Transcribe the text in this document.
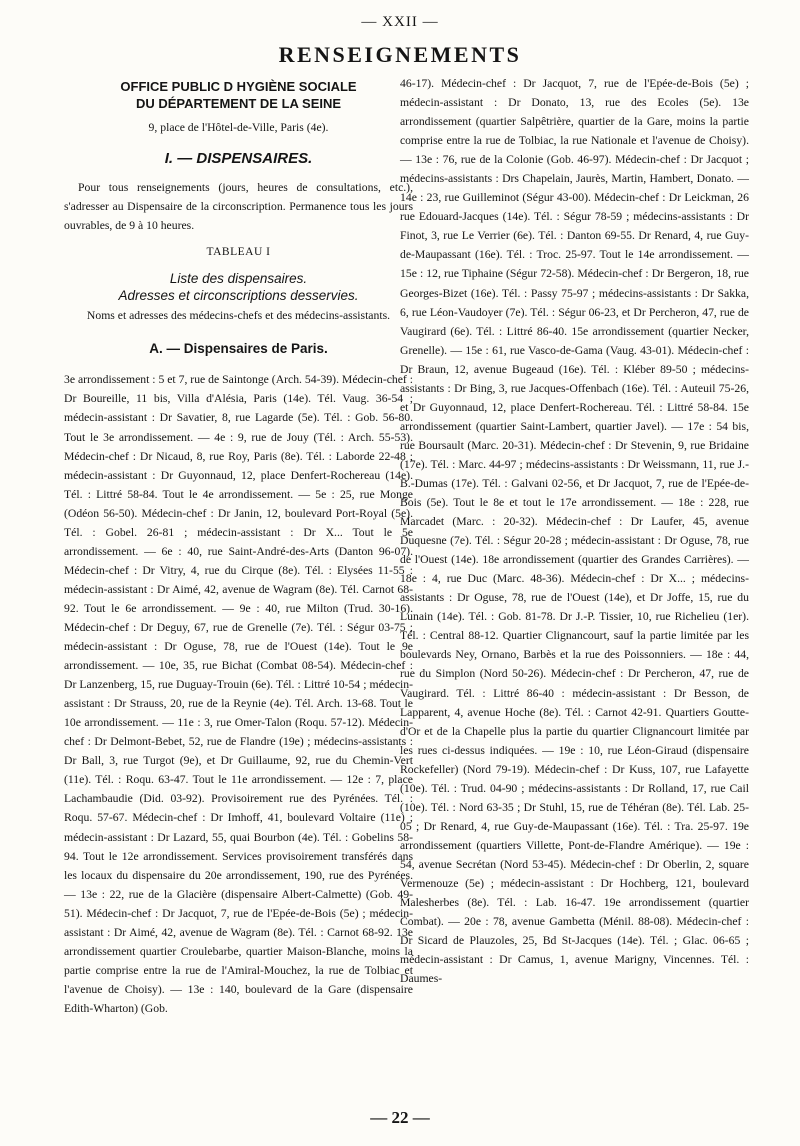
— XXII —
RENSEIGNEMENTS

OFFICE PUBLIC D HYGIÈNE SOCIALE

DU DÉPARTEMENT DE LA SEINE

9, place de l'Hôtel-de-Ville, Paris (4e).

I. — DISPENSAIRES.

Pour tous renseignements (jours, heures de consultations, etc.), s'adresser au Dispensaire de la circonscription. Permanence tous les jours ouvrables, de 9 à 10 heures.

TABLEAU I

Liste des dispensaires.

Adresses et circonscriptions desservies.

Noms et adresses des médecins-chefs et des médecins-assistants.

A. — Dispensaires de Paris.

3e arrondissement : 5 et 7, rue de Saintonge (Arch. 54-39). Médecin-chef : Dr Boureille, 11 bis, Villa d'Alésia, Paris (14e). Tél. Vaug. 36-54 ; médecin-assistant : Dr Savatier, 8, rue Lagarde (5e). Tél. : Gob. 56-80. Tout le 3e arrondissement. — 4e : 9, rue de Jouy (Tél. : Arch. 55-53). Médecin-chef : Dr Nicaud, 8, rue Roy, Paris (8e). Tél. : Laborde 22-48 ; médecin-assistant : Dr Guyonnaud, 12, place Denfert-Rochereau (14e). Tél. : Littré 58-84. Tout le 4e arrondissement. — 5e : 25, rue Monge (Odéon 56-50). Médecin-chef : Dr Janin, 12, boulevard Port-Royal (5e). Tél. : Gobel. 26-81 ; médecin-assistant : Dr X... Tout le 5e arrondissement. — 6e : 40, rue Saint-André-des-Arts (Danton 96-07). Médecin-chef : Dr Vitry, 4, rue du Cirque (8e). Tél. : Elysées 11-55 : médecin-assistant : Dr Aimé, 42, avenue de Wagram (8e). Tél. Carnot 68-92. Tout le 6e arrondissement. — 9e : 40, rue Milton (Trud. 30-16). Médecin-chef : Dr Deguy, 67, rue de Grenelle (7e). Tél. : Ségur 03-75 ; médecin-assistant : Dr Oguse, 78, rue de l'Ouest (14e). Tout le 9e arrondissement. — 10e, 35, rue Bichat (Combat 08-54). Médecin-chef : Dr Lanzenberg, 15, rue Duguay-Trouin (6e). Tél. : Littré 10-54 ; médecin-assistant : Dr Strauss, 20, rue de la Reynie (4e). Tél. Arch. 13-68. Tout le 10e arrondissement. — 11e : 3, rue Omer-Talon (Roqu. 57-12). Médecin-chef : Dr Delmont-Bebet, 52, rue de Flandre (19e) ; médecins-assistants : Dr Ball, 3, rue Turgot (9e), et Dr Guillaume, 92, rue du Chemin-Vert (11e). Tél. : Roqu. 63-47. Tout le 11e arrondissement. — 12e : 7, place Lachambaudie (Did. 03-92). Provisoirement rue des Pyrénées. Tél. : Roqu. 57-67. Médecin-chef : Dr Imhoff, 41, boulevard Voltaire (11e) ; médecin-assistant : Dr Lazard, 55, quai Bourbon (4e). Tél. : Gobelins 58-94. Tout le 12e arrondissement. Services provisoirement transférés dans les locaux du dispensaire du 20e arrondissement, 190, rue des Pyrénées. — 13e : 22, rue de la Glacière (dispensaire Albert-Calmette) (Gob. 49-51). Médecin-chef : Dr Jacquot, 7, rue de l'Epée-de-Bois (5e) ; médecin-assistant : Dr Aimé, 42, avenue de Wagram (8e). Tél. : Carnot 68-92. 13e arrondissement quartier Croulebarbe, quartier Maison-Blanche, moins la partie comprise entre la rue de l'Amiral-Mouchez, la rue de Tolbiac et l'avenue de Choisy). — 13e : 140, boulevard de la Gare (dispensaire Edith-Wharton) (Gob.

46-17). Médecin-chef : Dr Jacquot, 7, rue de l'Epée-de-Bois (5e) ; médecin-assistant : Dr Donato, 13, rue des Ecoles (5e). 13e arrondissement (quartier Salpêtrière, quartier de la Gare, moins la partie comprise entre la rue de Tolbiac, la rue Nationale et l'avenue de Choisy). — 13e : 76, rue de la Colonie (Gob. 46-97). Médecin-chef : Dr Jacquot ; médecins-assistants : Drs Chapelain, Jaurès, Martin, Hambert, Donato. — 14e : 23, rue Guilleminot (Ségur 43-00). Médecin-chef : Dr Leickman, 26 rue Edouard-Jacques (14e). Tél. : Ségur 78-59 ; médecins-assistants : Dr Finot, 3, rue Le Verrier (6e). Tél. : Danton 69-55. Dr Renard, 4, rue Guy-de-Maupassant (16e). Tél. : Troc. 25-97. Tout le 14e arrondissement. — 15e : 12, rue Tiphaine (Ségur 72-58). Médecin-chef : Dr Bergeron, 18, rue Georges-Bizet (16e). Tél. : Passy 75-97 ; médecins-assistants : Dr Sakka, 6, rue Léon-Vaudoyer (7e). Tél. : Ségur 06-23, et Dr Percheron, 47, rue de Vaugirard (6e). Tél. : Littré 86-40. 15e arrondissement (quartier Necker, Grenelle). — 15e : 61, rue Vasco-de-Gama (Vaug. 43-01). Médecin-chef : Dr Braun, 12, avenue Bugeaud (16e). Tél. : Kléber 89-50 ; médecins-assistants : Dr Bing, 3, rue Jacques-Offenbach (16e). Tél. : Auteuil 75-26, et Dr Guyonnaud, 12, place Denfert-Rochereau. Tél. : Littré 58-84. 15e arrondissement (quartier Saint-Lambert, quartier Javel). — 17e : 54 bis, rue Boursault (Marc. 20-31). Médecin-chef : Dr Stevenin, 9, rue Bridaine (17e). Tél. : Marc. 44-97 ; médecins-assistants : Dr Weissmann, 11, rue J.-B.-Dumas (17e). Tél. : Galvani 02-56, et Dr Jacquot, 7, rue de l'Epée-de-Bois (5e). Tout le 8e et tout le 17e arrondissement. — 18e : 228, rue Marcadet (Marc. : 20-32). Médecin-chef : Dr Laufer, 45, avenue Duquesne (7e). Tél. : Ségur 20-28 ; médecin-assistant : Dr Oguse, 78, rue de l'Ouest (14e). 18e arrondissement (quartier des Grandes Carrières). — 18e : 4, rue Duc (Marc. 48-36). Médecin-chef : Dr X... ; médecins-assistants : Dr Oguse, 78, rue de l'Ouest (14e), et Dr Joffe, 15, rue du Lunain (14e). Tél. : Gob. 81-78. Dr J.-P. Tissier, 10, rue Richelieu (1er). Tél. : Central 88-12. Quartier Clignancourt, sauf la partie limitée par les boulevards Ney, Ornano, Barbès et la rue des Poissonniers. — 18e : 44, rue du Simplon (Nord 50-26). Médecin-chef : Dr Percheron, 47, rue de Vaugirard. Tél. : Littré 86-40 : médecin-assistant : Dr Besson, de Lapparent, 4, avenue Hoche (8e). Tél. : Carnot 42-91. Quartiers Goutte-d'Or et de la Chapelle plus la partie du quartier Clignancourt limitée par les rues ci-dessus indiquées. — 19e : 10, rue Léon-Giraud (dispensaire Rockefeller) (Nord 79-19). Médecin-chef : Dr Kuss, 107, rue Lafayette (10e). Tél. : Trud. 04-90 ; médecins-assistants : Dr Rolland, 17, rue Cail (10e). Tél. : Nord 63-35 ; Dr Stuhl, 15, rue de Téhéran (8e). Tél. Lab. 25-05 ; Dr Renard, 4, rue Guy-de-Maupassant (16e). Tél. : Tra. 25-97. 19e arrondissement (quartiers Villette, Pont-de-Flandre Amérique). — 19e : 54, avenue Secrétan (Nord 53-45). Médecin-chef : Dr Oberlin, 2, square Vermenouze (5e) ; médecin-assistant : Dr Hochberg, 121, boulevard Malesherbes (8e). Tél. : Lab. 16-47. 19e arrondissement (quartier Combat). — 20e : 78, avenue Gambetta (Ménil. 88-08). Médecin-chef : Dr Sicard de Plauzoles, 25, Bd St-Jacques (14e). Tél. ; Glac. 06-65 ; médecin-assistant : Dr Camus, 1, avenue Marigny, Vincennes. Tél. : Daumes-

— 22 —
